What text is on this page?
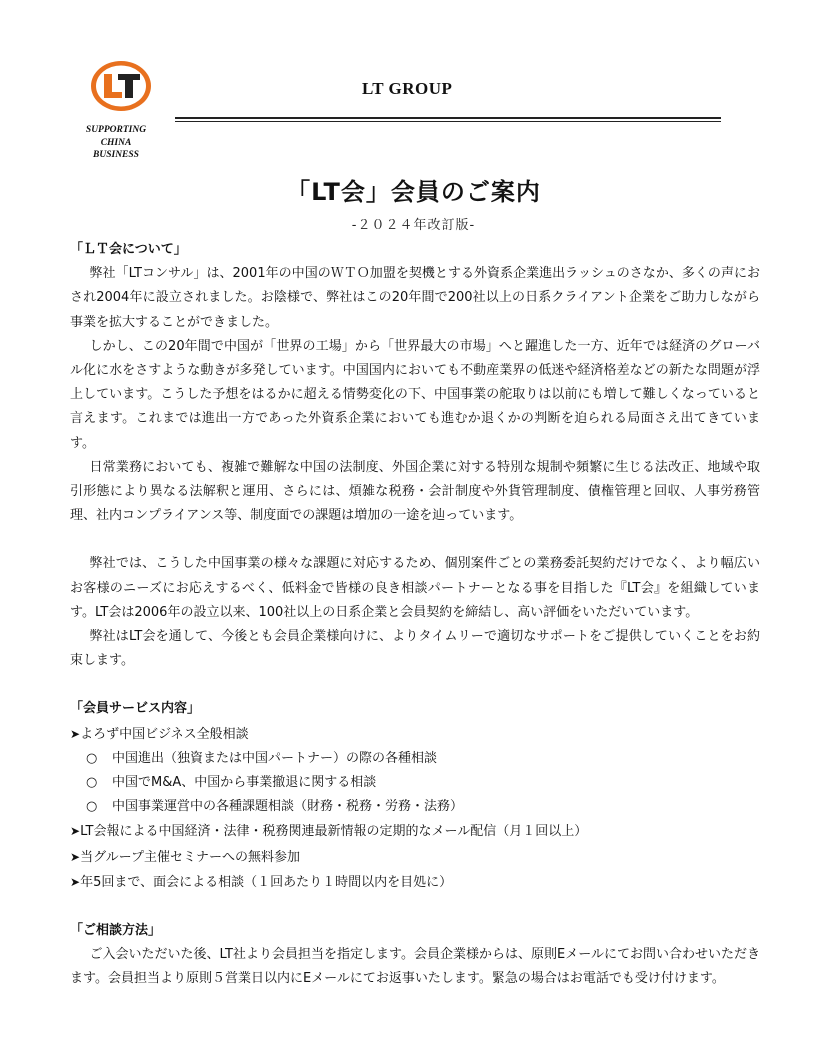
SUPPORTING
CHINA
BUSINESS
LT GROUP
「LT会」会員のご案内
-２０２４年改訂版-
「ＬＴ会について」

弊社「LTコンサル」は、2001年の中国のＷＴＯ加盟を契機とする外資系企業進出ラッシュのさなか、多くの声におされ2004年に設立されました。お陰様で、弊社はこの20年間で200社以上の日系クライアント企業をご助力しながら事業を拡大することができました。

しかし、この20年間で中国が「世界の工場」から「世界最大の市場」へと躍進した一方、近年では経済のグローバル化に水をさすような動きが多発しています。中国国内においても不動産業界の低迷や経済格差などの新たな問題が浮上しています。こうした予想をはるかに超える情勢変化の下、中国事業の舵取りは以前にも増して難しくなっていると言えます。これまでは進出一方であった外資系企業においても進むか退くかの判断を迫られる局面さえ出てきています。

日常業務においても、複雑で難解な中国の法制度、外国企業に対する特別な規制や頻繁に生じる法改正、地域や取引形態により異なる法解釈と運用、さらには、煩雑な税務・会計制度や外貨管理制度、債権管理と回収、人事労務管理、社内コンプライアンス等、制度面での課題は増加の一途を辿っています。

弊社では、こうした中国事業の様々な課題に対応するため、個別案件ごとの業務委託契約だけでなく、より幅広いお客様のニーズにお応えするべく、低料金で皆様の良き相談パートナーとなる事を目指した『LT会』を組織しています。LT会は2006年の設立以来、100社以上の日系企業と会員契約を締結し、高い評価をいただいています。

弊社はLT会を通して、今後とも会員企業様向けに、よりタイムリーで適切なサポートをご提供していくことをお約束します。

「会員サービス内容」
➤よろず中国ビジネス全般相談
○ 中国進出（独資または中国パートナー）の際の各種相談
○ 中国でM&A、中国から事業撤退に関する相談
○ 中国事業運営中の各種課題相談（財務・税務・労務・法務）
➤LT会報による中国経済・法律・税務関連最新情報の定期的なメール配信（月１回以上）
➤当グループ主催セミナーへの無料参加
➤年5回まで、面会による相談（１回あたり１時間以内を目処に）
「ご相談方法」

ご入会いただいた後、LT社より会員担当を指定します。会員企業様からは、原則Eメールにてお問い合わせいただきます。会員担当より原則５営業日以内にEメールにてお返事いたします。緊急の場合はお電話でも受け付けます。
